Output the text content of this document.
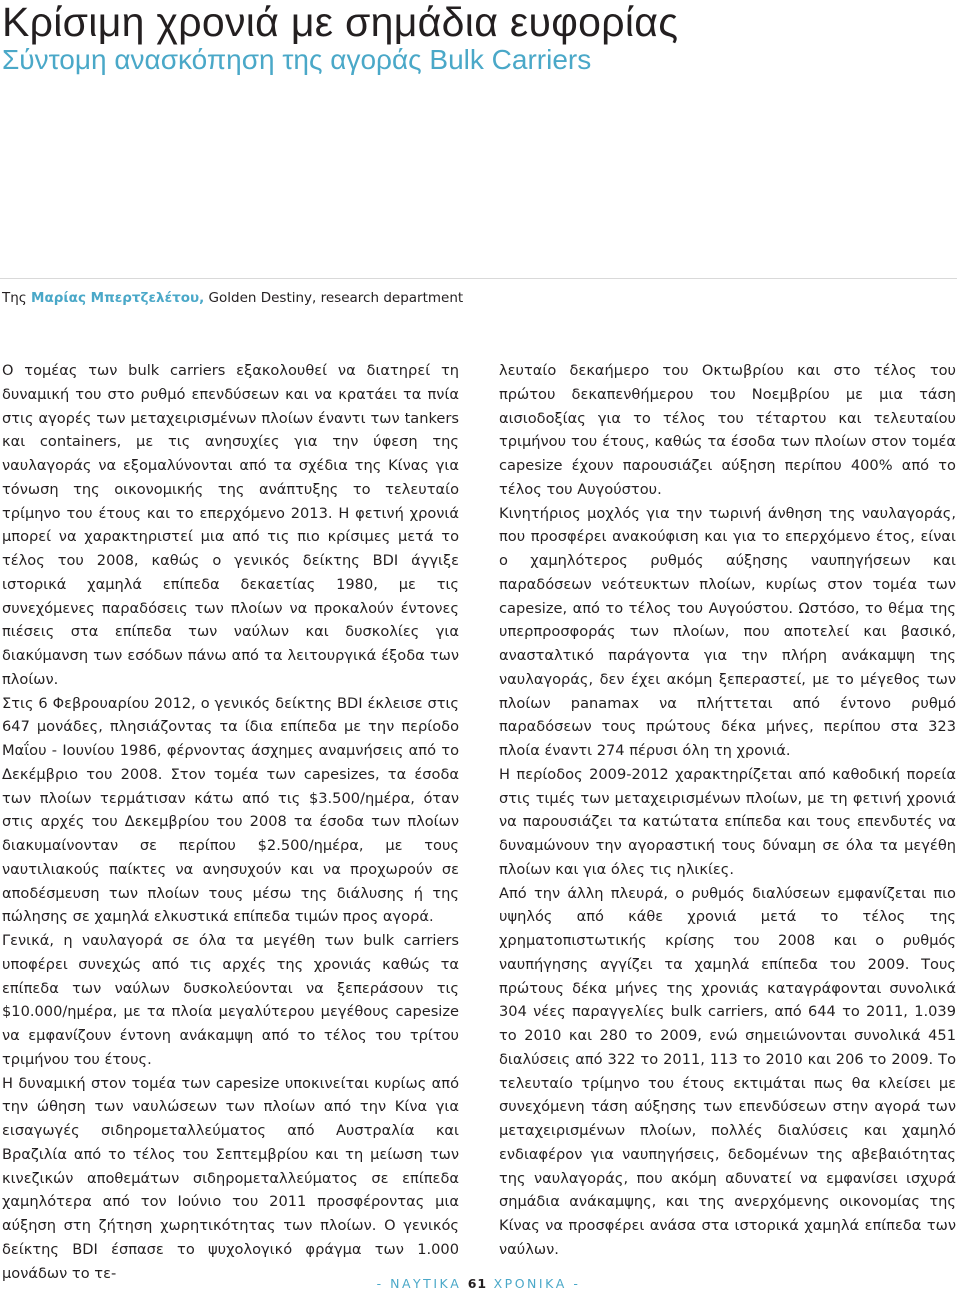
Κρίσιμη χρονιά με σημάδια ευφορίας
Σύντομη ανασκόπηση της αγοράς Bulk Carriers
Της Μαρίας Μπερτζελέτου, Golden Destiny, research department

Ο τομέας των bulk carriers εξακολουθεί να διατηρεί τη δυναμική του στο ρυθμό επενδύσεων και να κρατάει τα πνία στις αγορές των μεταχειρισμένων πλοίων έναντι των tankers και containers, με τις ανησυχίες για την ύφεση της ναυλαγοράς να εξομαλύνονται από τα σχέδια της Κίνας για τόνωση της οικονομικής της ανάπτυξης το τελευταίο τρίμηνο του έτους και το επερχόμενο 2013. Η φετινή χρονιά μπορεί να χαρακτηριστεί μια από τις πιο κρίσιμες μετά το τέλος του 2008, καθώς ο γενικός δείκτης BDI άγγιξε ιστορικά χαμηλά επίπεδα δεκαετίας 1980, με τις συνεχόμενες παραδόσεις των πλοίων να προκαλούν έντονες πιέσεις στα επίπεδα των ναύλων και δυσκολίες για διακύμανση των εσόδων πάνω από τα λειτουργικά έξοδα των πλοίων.

Στις 6 Φεβρουαρίου 2012, ο γενικός δείκτης BDI έκλεισε στις 647 μονάδες, πλησιάζοντας τα ίδια επίπεδα με την περίοδο Μαΐου - Ιουνίου 1986, φέρνοντας άσχημες αναμνήσεις από το Δεκέμβριο του 2008. Στον τομέα των capesizes, τα έσοδα των πλοίων τερμάτισαν κάτω από τις $3.500/ημέρα, όταν στις αρχές του Δεκεμβρίου του 2008 τα έσοδα των πλοίων διακυμαίνονταν σε περίπου $2.500/ημέρα, με τους ναυτιλιακούς παίκτες να ανησυχούν και να προχωρούν σε αποδέσμευση των πλοίων τους μέσω της διάλυσης ή της πώλησης σε χαμηλά ελκυστικά επίπεδα τιμών προς αγορά.

Γενικά, η ναυλαγορά σε όλα τα μεγέθη των bulk carriers υποφέρει συνεχώς από τις αρχές της χρονιάς καθώς τα επίπεδα των ναύλων δυσκολεύονται να ξεπεράσουν τις $10.000/ημέρα, με τα πλοία μεγαλύτερου μεγέθους capesize να εμφανίζουν έντονη ανάκαμψη από το τέλος του τρίτου τριμήνου του έτους.

Η δυναμική στον τομέα των capesize υποκινείται κυρίως από την ώθηση των ναυλώσεων των πλοίων από την Κίνα για εισαγωγές σιδηρομεταλλεύματος από Αυστραλία και Βραζιλία από το τέλος του Σεπτεμβρίου και τη μείωση των κινεζικών αποθεμάτων σιδηρομεταλλεύματος σε επίπεδα χαμηλότερα από τον Ιούνιο του 2011 προσφέροντας μια αύξηση στη ζήτηση χωρητικότητας των πλοίων. Ο γενικός δείκτης BDI έσπασε το ψυχολογικό φράγμα των 1.000 μονάδων το τε-

λευταίο δεκαήμερο του Οκτωβρίου και στο τέλος του πρώτου δεκαπενθήμερου του Νοεμβρίου με μια τάση αισιοδοξίας για το τέλος του τέταρτου και τελευταίου τριμήνου του έτους, καθώς τα έσοδα των πλοίων στον τομέα capesize έχουν παρουσιάζει αύξηση περίπου 400% από το τέλος του Αυγούστου.

Κινητήριος μοχλός για την τωρινή άνθηση της ναυλαγοράς, που προσφέρει ανακούφιση και για το επερχόμενο έτος, είναι ο χαμηλότερος ρυθμός αύξησης ναυπηγήσεων και παραδόσεων νεότευκτων πλοίων, κυρίως στον τομέα των capesize, από το τέλος του Αυγούστου. Ωστόσο, το θέμα της υπερπροσφοράς των πλοίων, που αποτελεί και βασικό, ανασταλτικό παράγοντα για την πλήρη ανάκαμψη της ναυλαγοράς, δεν έχει ακόμη ξεπεραστεί, με το μέγεθος των πλοίων panamax να πλήττεται από έντονο ρυθμό παραδόσεων τους πρώτους δέκα μήνες, περίπου στα 323 πλοία έναντι 274 πέρυσι όλη τη χρονιά.

Η περίοδος 2009-2012 χαρακτηρίζεται από καθοδική πορεία στις τιμές των μεταχειρισμένων πλοίων, με τη φετινή χρονιά να παρουσιάζει τα κατώτατα επίπεδα και τους επενδυτές να δυναμώνουν την αγοραστική τους δύναμη σε όλα τα μεγέθη πλοίων και για όλες τις ηλικίες.

Από την άλλη πλευρά, ο ρυθμός διαλύσεων εμφανίζεται πιο υψηλός από κάθε χρονιά μετά το τέλος της χρηματοπιστωτικής κρίσης του 2008 και ο ρυθμός ναυπήγησης αγγίζει τα χαμηλά επίπεδα του 2009. Τους πρώτους δέκα μήνες της χρονιάς καταγράφονται συνολικά 304 νέες παραγγελίες bulk carriers, από 644 το 2011, 1.039 το 2010 και 280 το 2009, ενώ σημειώνονται συνολικά 451 διαλύσεις από 322 το 2011, 113 το 2010 και 206 το 2009. Το τελευταίο τρίμηνο του έτους εκτιμάται πως θα κλείσει με συνεχόμενη τάση αύξησης των επενδύσεων στην αγορά των μεταχειρισμένων πλοίων, πολλές διαλύσεις και χαμηλό ενδιαφέρον για ναυπηγήσεις, δεδομένων της αβεβαιότητας της ναυλαγοράς, που ακόμη αδυνατεί να εμφανίσει ισχυρά σημάδια ανάκαμψης, και της ανερχόμενης οικονομίας της Κίνας να προσφέρει ανάσα στα ιστορικά χαμηλά επίπεδα των ναύλων.

- ΝΑΥΤΙΚΑ 61 ΧΡΟΝΙΚΑ -
